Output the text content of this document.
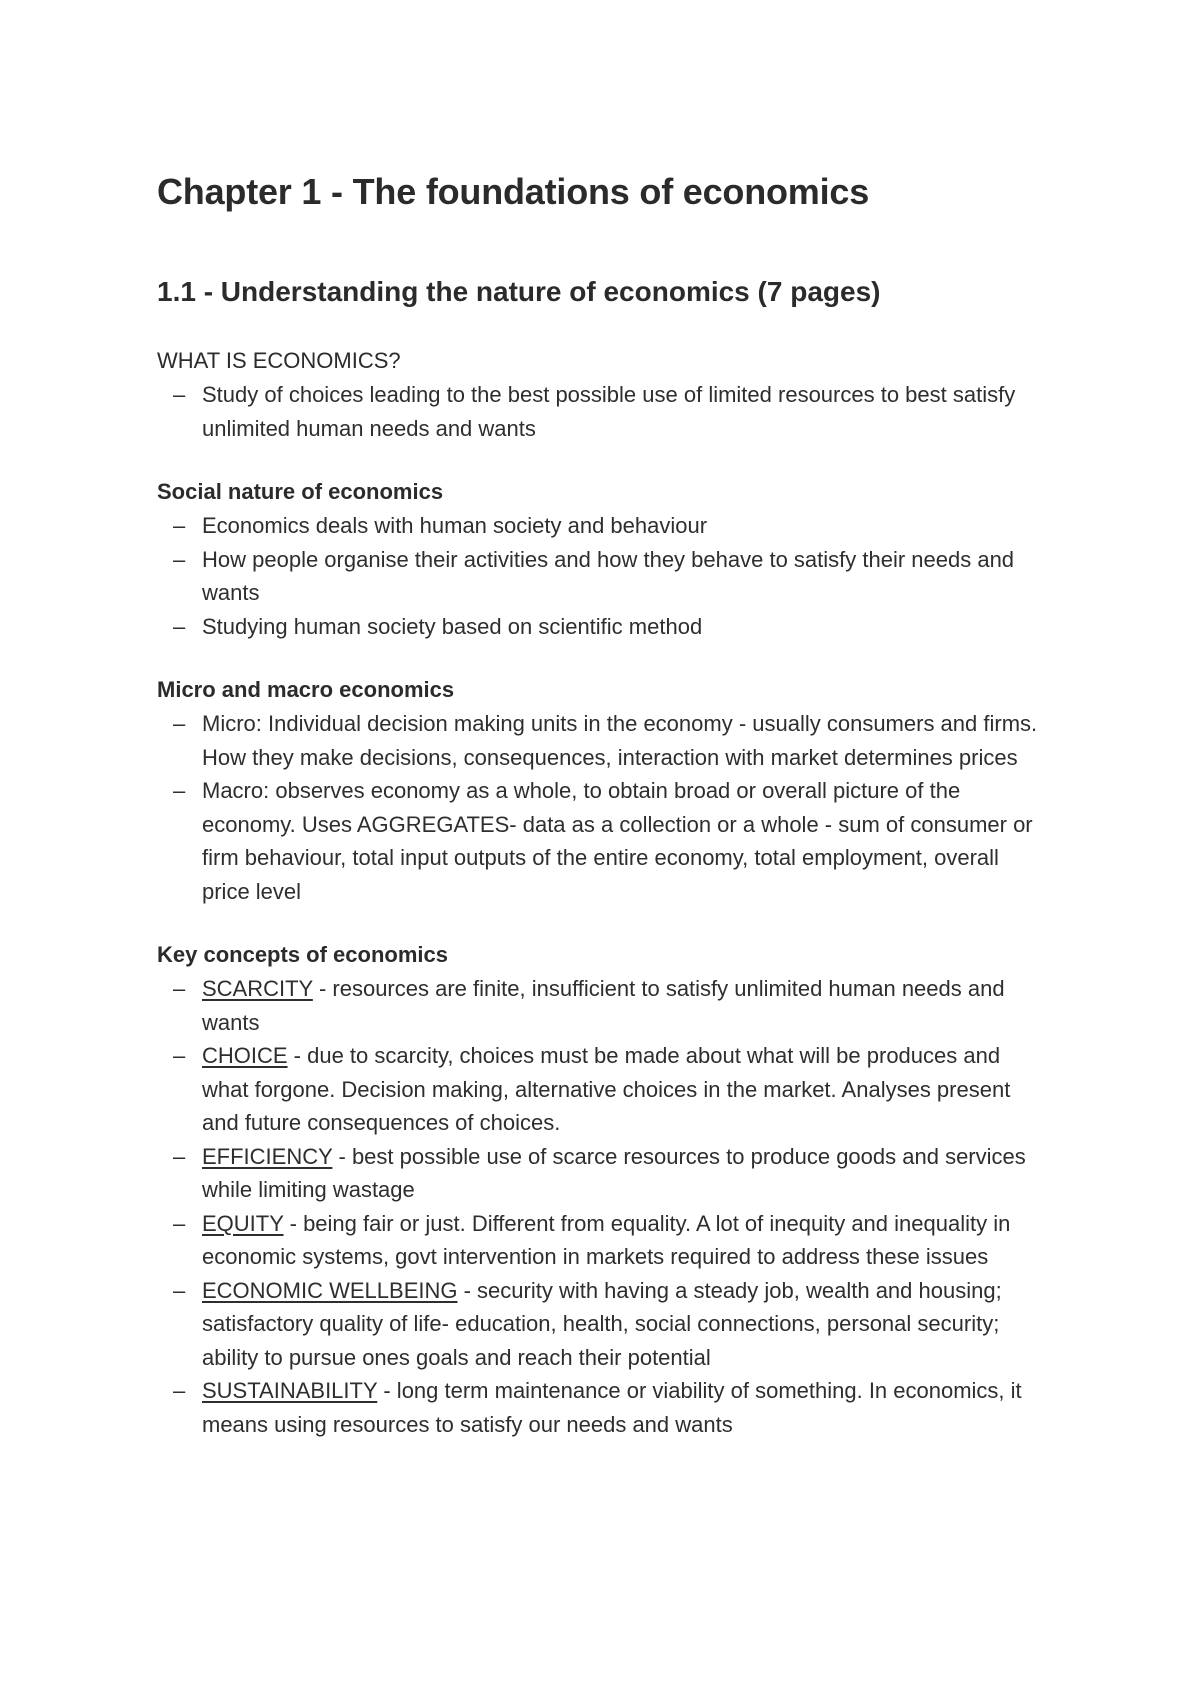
Chapter 1 - The foundations of economics
1.1 - Understanding the nature of economics (7 pages)

WHAT IS ECONOMICS?

– Study of choices leading to the best possible use of limited resources to best satisfy unlimited human needs and wants

Social nature of economics

– Economics deals with human society and behaviour
– How people organise their activities and how they behave to satisfy their needs and wants
– Studying human society based on scientific method

Micro and macro economics

– Micro: Individual decision making units in the economy - usually consumers and firms. How they make decisions, consequences, interaction with market determines prices
– Macro: observes economy as a whole, to obtain broad or overall picture of the economy. Uses AGGREGATES- data as a collection or a whole - sum of consumer or firm behaviour, total input outputs of the entire economy, total employment, overall price level

Key concepts of economics

– SCARCITY - resources are finite, insufficient to satisfy unlimited human needs and wants
– CHOICE - due to scarcity, choices must be made about what will be produces and what forgone. Decision making, alternative choices in the market. Analyses present and future consequences of choices.
– EFFICIENCY - best possible use of scarce resources to produce goods and services while limiting wastage
– EQUITY - being fair or just. Different from equality. A lot of inequity and inequality in economic systems, govt intervention in markets required to address these issues
– ECONOMIC WELLBEING - security with having a steady job, wealth and housing; satisfactory quality of life- education, health, social connections, personal security; ability to pursue ones goals and reach their potential
– SUSTAINABILITY - long term maintenance or viability of something. In economics, it means using resources to satisfy our needs and wants
